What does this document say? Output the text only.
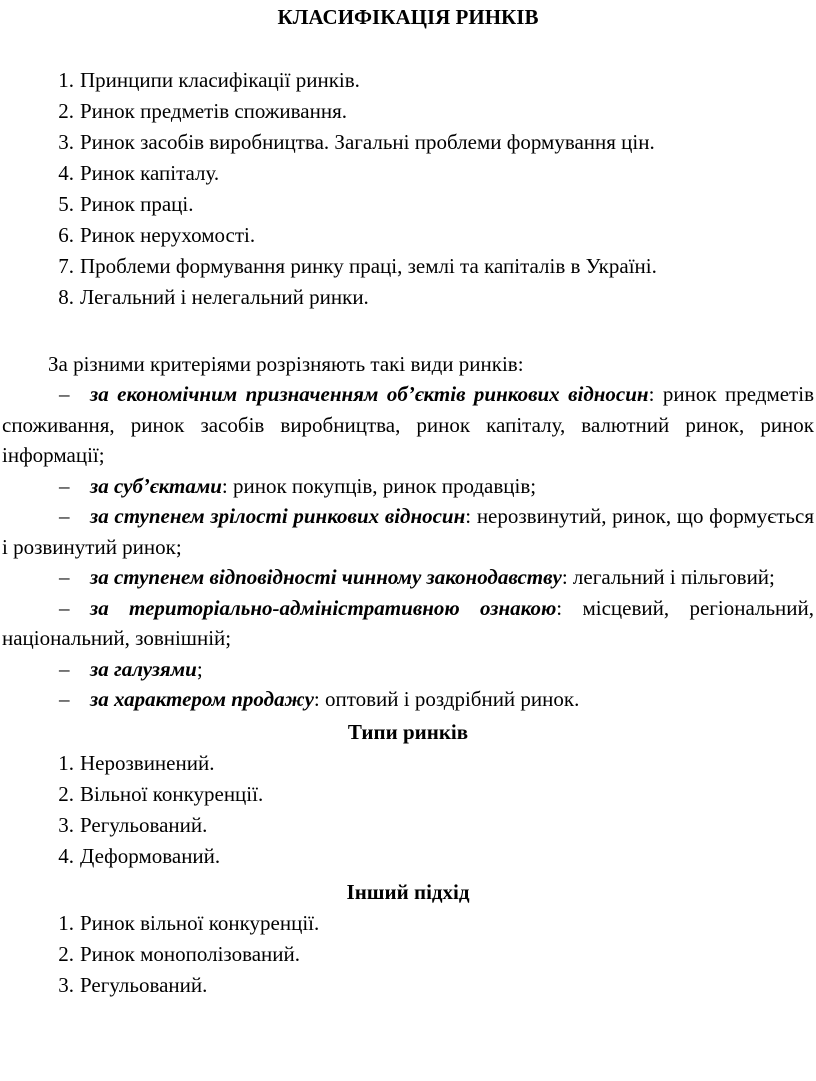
КЛАСИФІКАЦІЯ РИНКІВ
1. Принципи класифікації ринків.
2. Ринок предметів споживання.
3. Ринок засобів виробництва. Загальні проблеми формування цін.
4. Ринок капіталу.
5. Ринок праці.
6. Ринок нерухомості.
7. Проблеми формування ринку праці, землі та капіталів в Україні.
8. Легальний і нелегальний ринки.

За різними критеріями розрізняють такі види ринків:

– за економічним призначенням об’єктів ринкових відносин: ринок предметів споживання, ринок засобів виробництва, ринок капіталу, валютний ринок, ринок інформації;

– за суб’єктами: ринок покупців, ринок продавців;

– за ступенем зрілості ринкових відносин: нерозвинутий, ринок, що формується і розвинутий ринок;

– за ступенем відповідності чинному законодавству: легальний і пільговий;

– за територіально-адміністративною ознакою: місцевий, регіональний, національний, зовнішній;

– за галузями;

– за характером продажу: оптовий і роздрібний ринок.

Типи ринків
1. Нерозвинений.
2. Вільної конкуренції.
3. Регульований.
4. Деформований.
Інший підхід
1. Ринок вільної конкуренції.
2. Ринок монополізований.
3. Регульований.
